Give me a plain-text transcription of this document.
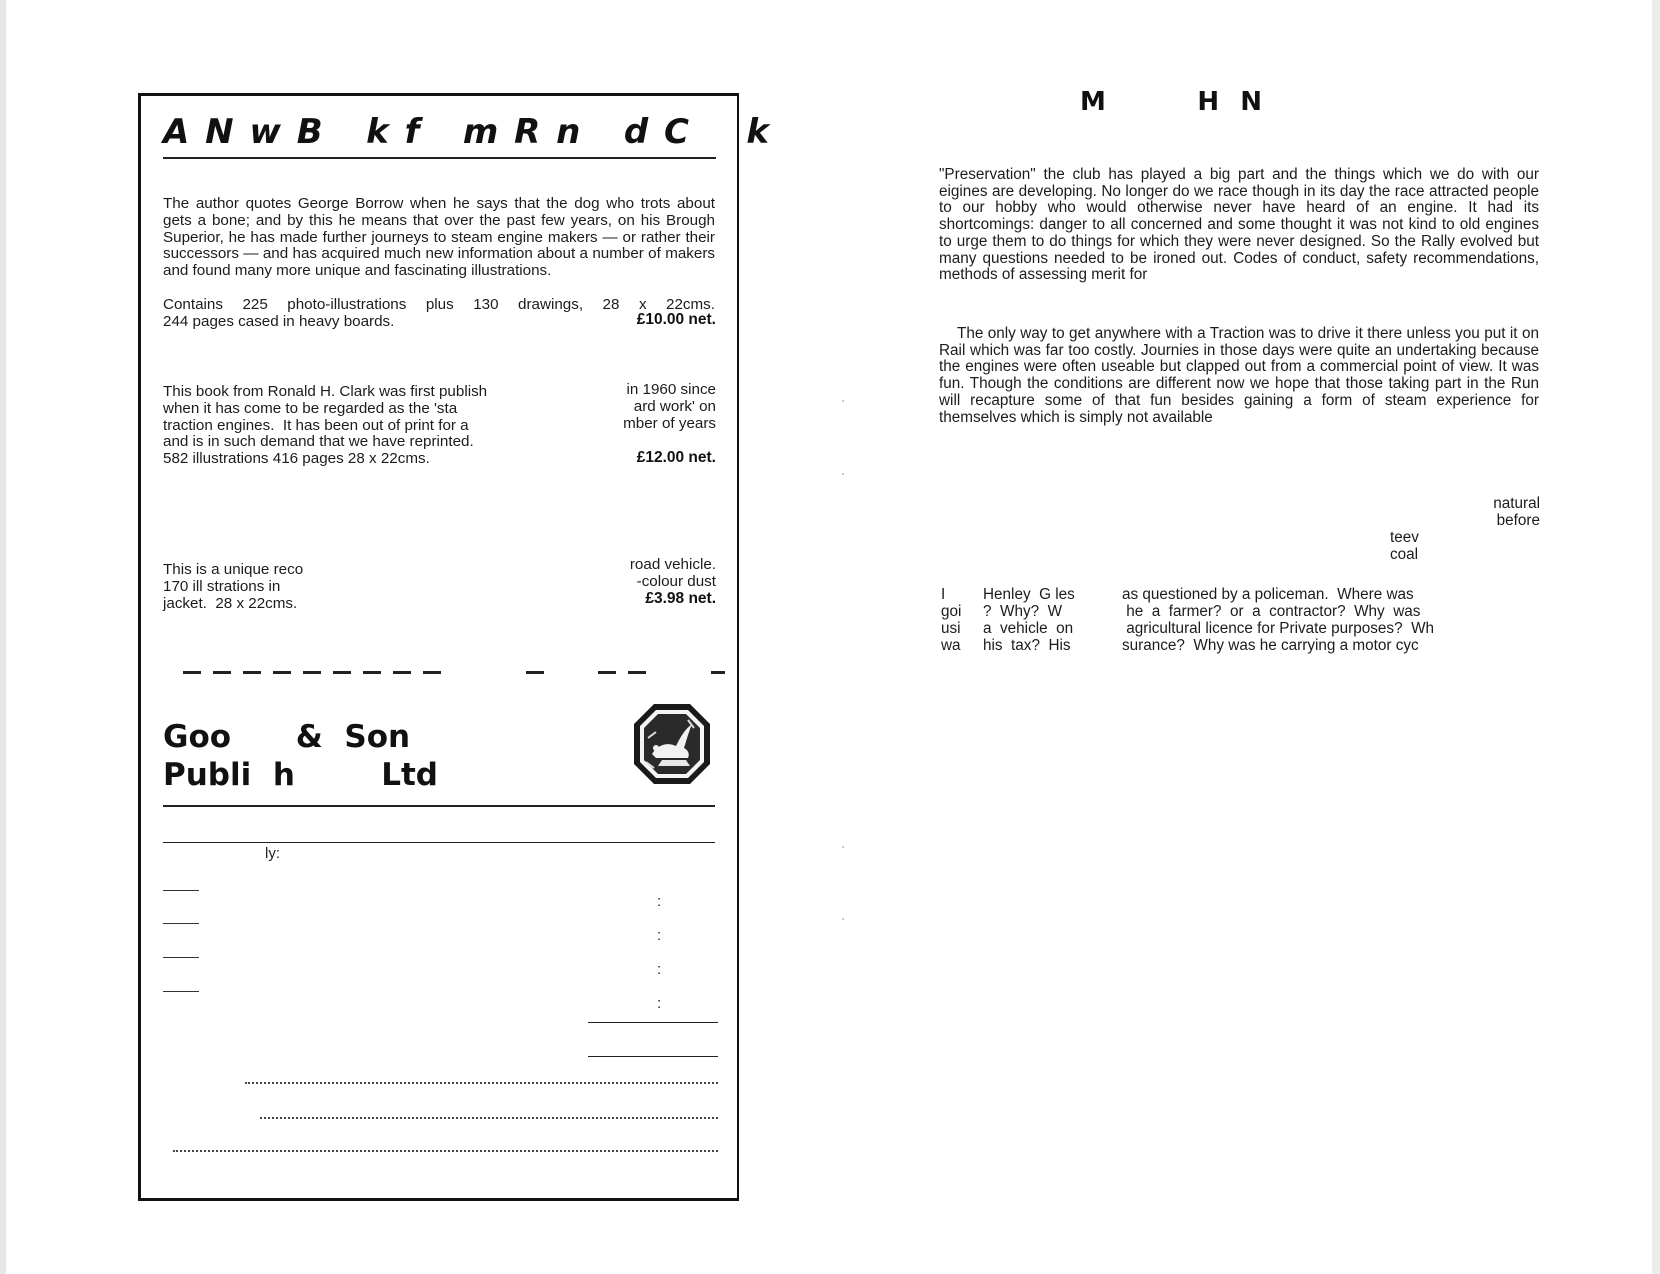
A N w B   k f   m R n   d C    k
The author quotes George Borrow when he says that the dog who trots about gets a bone; and by this he means that over the past few years, on his Brough Superior, he has made further journeys to steam engine makers — or rather their successors — and has acquired much new information about a number of makers and found many more unique and fascinating illustrations.
Contains 225 photo-illustrations plus 130 drawings, 28 x 22cms.
244 pages cased in heavy boards.	£10.00 net.
This book from Ronald H. Clark was first publish
when it has come to be regarded as the 'sta
traction engines.  It has been out of print for a
and is in such demand that we have reprinted.
582 illustrations 416 pages 28 x 22cms.
in 1960 since
ard work' on
mber of years
£12.00 net.
This is a unique reco
170 ill strations in
jacket.  28 x 22cms.
road vehicle.
-colour dust
£3.98 net.
Goo      &  Son
Publi  h        Ltd
ly:
:
:
:
:
M         H  N
"Preservation" the club has played a big part and the things which we do with our eigines are developing. No longer do we race though in its day the race attracted people to our hobby who would otherwise never have heard of an engine. It had its shortcomings: danger to all concerned and some thought it was not kind to old engines to urge them to do things for which they were never designed. So the Rally evolved but many questions needed to be ironed out. Codes of conduct, safety recommendations, methods of assessing merit for
The only way to get anywhere with a Traction was to drive it there unless you put it on Rail which was far too costly. Journies in those days were quite an undertaking because the engines were often useable but clapped out from a commercial point of view. It was fun. Though the conditions are different now we hope that those taking part in the Run will recapture some of that fun besides gaining a form of steam experience for themselves which is simply not available
natural
before
teev
coal
I
goi
usi
wa
Henley  G les
?  Why?  W
a  vehicle  on
his  tax?  His
as questioned by a policeman.  Where was
he  a  farmer?  or  a  contractor?  Why  was
agricultural licence for Private purposes?  Wh
surance?  Why was he carrying a motor cyc
